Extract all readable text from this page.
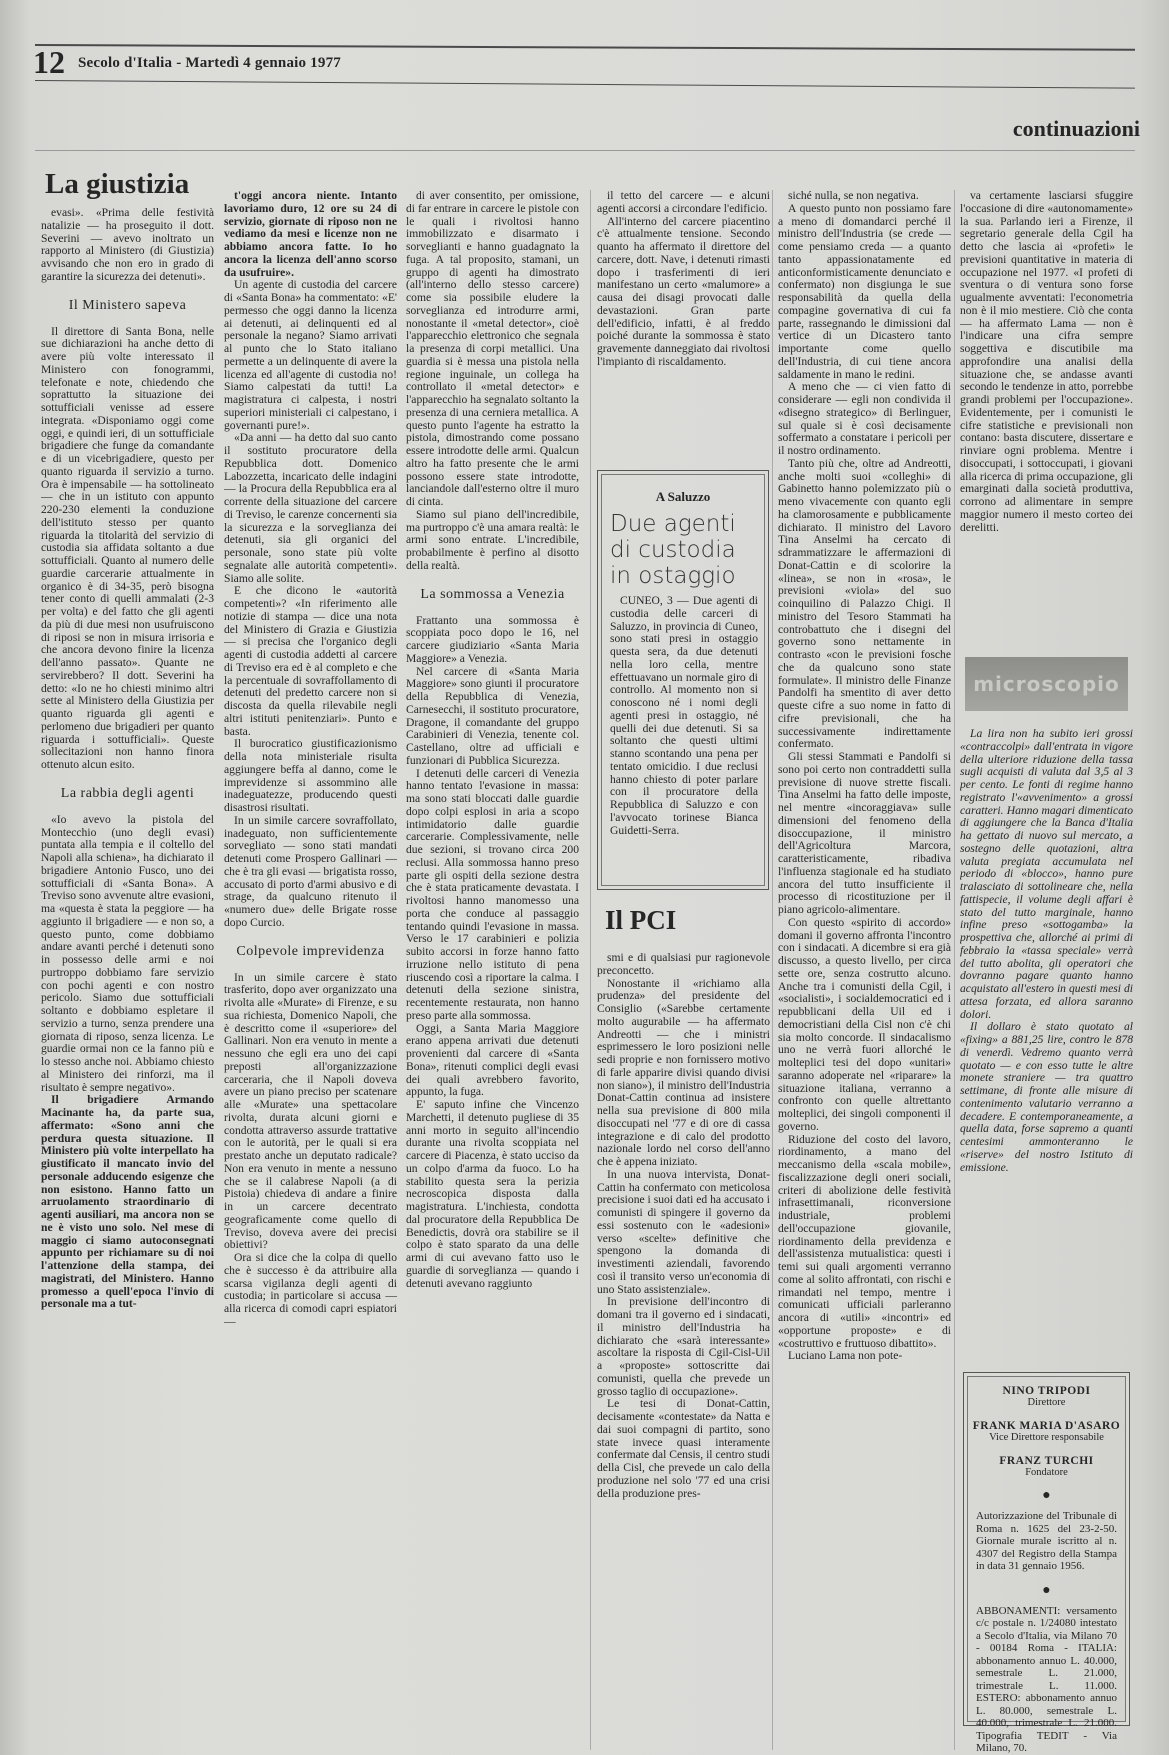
12 Secolo d'Italia - Martedì 4 gennaio 1977
continuazioni
La giustizia

evasi». «Prima delle festività natalizie — ha proseguito il dott. Severini — avevo inoltrato un rapporto al Ministero (di Giustizia) avvisando che non ero in grado di garantire la sicurezza dei detenuti».

Il Ministero sapeva

Il direttore di Santa Bona, nelle sue dichiarazioni ha anche detto di avere più volte interessato il Ministero con fonogrammi, telefonate e note, chiedendo che soprattutto la situazione dei sottufficiali venisse ad essere integrata. «Disponiamo oggi come oggi, e quindi ieri, di un sottufficiale brigadiere che funge da comandante e di un vicebrigadiere, questo per quanto riguarda il servizio a turno. Ora è impensabile — ha sottolineato — che in un istituto con appunto 220-230 elementi la conduzione dell'istituto stesso per quanto riguarda la titolarità del servizio di custodia sia affidata soltanto a due sottufficiali. Quanto al numero delle guardie carcerarie attualmente in organico è di 34-35, però bisogna tener conto di quelli ammalati (2-3 per volta) e del fatto che gli agenti da più di due mesi non usufruiscono di riposi se non in misura irrisoria e che ancora devono finire la licenza dell'anno passato». Quante ne servirebbero? Il dott. Severini ha detto: «Io ne ho chiesti minimo altri sette al Ministero della Giustizia per quanto riguarda gli agenti e perlomeno due brigadieri per quanto riguarda i sottufficiali». Queste sollecitazioni non hanno finora ottenuto alcun esito.

La rabbia degli agenti

«Io avevo la pistola del Montecchio (uno degli evasi) puntata alla tempia e il coltello del Napoli alla schiena», ha dichiarato il brigadiere Antonio Fusco, uno dei sottufficiali di «Santa Bona». A Treviso sono avvenute altre evasioni, ma «questa è stata la peggiore — ha aggiunto il brigadiere — e non so, a questo punto, come dobbiamo andare avanti perché i detenuti sono in possesso delle armi e noi purtroppo dobbiamo fare servizio con pochi agenti e con nostro pericolo. Siamo due sottufficiali soltanto e dobbiamo espletare il servizio a turno, senza prendere una giornata di riposo, senza licenza. Le guardie ormai non ce la fanno più e lo stesso anche noi. Abbiamo chiesto al Ministero dei rinforzi, ma il risultato è sempre negativo».

Il brigadiere Armando Macinante ha, da parte sua, affermato: «Sono anni che perdura questa situazione. Il Ministero più volte interpellato ha giustificato il mancato invio del personale adducendo esigenze che non esistono. Hanno fatto un arruolamento straordinario di agenti ausiliari, ma ancora non se ne è visto uno solo. Nel mese di maggio ci siamo autoconsegnati appunto per richiamare su di noi l'attenzione della stampa, dei magistrati, del Ministero. Hanno promesso a quell'epoca l'invio di personale ma a tut-

t'oggi ancora niente. Intanto lavoriamo duro, 12 ore su 24 di servizio, giornate di riposo non ne vediamo da mesi e licenze non ne abbiamo ancora fatte. Io ho ancora la licenza dell'anno scorso da usufruire».

Un agente di custodia del carcere di «Santa Bona» ha commentato: «E' permesso che oggi danno la licenza ai detenuti, ai delinquenti ed al personale la negano? Siamo arrivati al punto che lo Stato italiano permette a un delinquente di avere la licenza ed all'agente di custodia no! Siamo calpestati da tutti! La magistratura ci calpesta, i nostri superiori ministeriali ci calpestano, i governanti pure!».

«Da anni — ha detto dal suo canto il sostituto procuratore della Repubblica dott. Domenico Labozzetta, incaricato delle indagini — la Procura della Repubblica era al corrente della situazione del carcere di Treviso, le carenze concernenti sia la sicurezza e la sorveglianza dei detenuti, sia gli organici del personale, sono state più volte segnalate alle autorità competenti». Siamo alle solite.

E che dicono le «autorità competenti»? «In riferimento alle notizie di stampa — dice una nota del Ministero di Grazia e Giustizia — si precisa che l'organico degli agenti di custodia addetti al carcere di Treviso era ed è al completo e che la percentuale di sovraffollamento di detenuti del predetto carcere non si discosta da quella rilevabile negli altri istituti penitenziari». Punto e basta.

Il burocratico giustificazionismo della nota ministeriale risulta aggiungere beffa al danno, come le imprevidenze si assommino alle inadeguatezze, producendo questi disastrosi risultati.

In un simile carcere sovraffollato, inadeguato, non sufficientemente sorvegliato — sono stati mandati detenuti come Prospero Gallinari — che è tra gli evasi — brigatista rosso, accusato di porto d'armi abusivo e di strage, da qualcuno ritenuto il «numero due» delle Brigate rosse dopo Curcio.

Colpevole imprevidenza

In un simile carcere è stato trasferito, dopo aver organizzato una rivolta alle «Murate» di Firenze, e su sua richiesta, Domenico Napoli, che è descritto come il «superiore» del Gallinari. Non era venuto in mente a nessuno che egli era uno dei capi preposti all'organizzazione carceraria, che il Napoli doveva avere un piano preciso per scatenare alle «Murate» una spettacolare rivolta, durata alcuni giorni e condotta attraverso assurde trattative con le autorità, per le quali si era prestato anche un deputato radicale? Non era venuto in mente a nessuno che se il calabrese Napoli (a di Pistoia) chiedeva di andare a finire in un carcere decentrato geograficamente come quello di Treviso, doveva avere dei precisi obiettivi?

Ora si dice che la colpa di quello che è successo è da attribuire alla scarsa vigilanza degli agenti di custodia; in particolare si accusa — alla ricerca di comodi capri espiatori —

di aver consentito, per omissione, di far entrare in carcere le pistole con le quali i rivoltosi hanno immobilizzato e disarmato i sorveglianti e hanno guadagnato la fuga. A tal proposito, stamani, un gruppo di agenti ha dimostrato (all'interno dello stesso carcere) come sia possibile eludere la sorveglianza ed introdurre armi, nonostante il «metal detector», cioè l'apparecchio elettronico che segnala la presenza di corpi metallici. Una guardia si è messa una pistola nella regione inguinale, un collega ha controllato il «metal detector» e l'apparecchio ha segnalato soltanto la presenza di una cerniera metallica. A questo punto l'agente ha estratto la pistola, dimostrando come possano essere introdotte delle armi. Qualcun altro ha fatto presente che le armi possono essere state introdotte, lanciandole dall'esterno oltre il muro di cinta.

Siamo sul piano dell'incredibile, ma purtroppo c'è una amara realtà: le armi sono entrate. L'incredibile, probabilmente è perfino al disotto della realtà.

La sommossa a Venezia

Frattanto una sommossa è scoppiata poco dopo le 16, nel carcere giudiziario «Santa Maria Maggiore» a Venezia.

Nel carcere di «Santa Maria Maggiore» sono giunti il procuratore della Repubblica di Venezia, Carnesecchi, il sostituto procuratore, Dragone, il comandante del gruppo Carabinieri di Venezia, tenente col. Castellano, oltre ad ufficiali e funzionari di Pubblica Sicurezza.

I detenuti delle carceri di Venezia hanno tentato l'evasione in massa: ma sono stati bloccati dalle guardie dopo colpi esplosi in aria a scopo intimidatorio dalle guardie carcerarie. Complessivamente, nelle due sezioni, si trovano circa 200 reclusi. Alla sommossa hanno preso parte gli ospiti della sezione destra che è stata praticamente devastata. I rivoltosi hanno manomesso una porta che conduce al passaggio tentando quindi l'evasione in massa. Verso le 17 carabinieri e polizia subito accorsi in forze hanno fatto irruzione nello istituto di pena riuscendo così a riportare la calma. I detenuti della sezione sinistra, recentemente restaurata, non hanno preso parte alla sommossa.

Oggi, a Santa Maria Maggiore erano appena arrivati due detenuti provenienti dal carcere di «Santa Bona», ritenuti complici degli evasi dei quali avrebbero favorito, appunto, la fuga.

E' saputo infine che Vincenzo Marchetti, il detenuto pugliese di 35 anni morto in seguito all'incendio durante una rivolta scoppiata nel carcere di Piacenza, è stato ucciso da un colpo d'arma da fuoco. Lo ha stabilito questa sera la perizia necroscopica disposta dalla magistratura. L'inchiesta, condotta dal procuratore della Repubblica De Benedictis, dovrà ora stabilire se il colpo è stato sparato da una delle armi di cui avevano fatto uso le guardie di sorveglianza — quando i detenuti avevano raggiunto

il tetto del carcere — e alcuni agenti accorsi a circondare l'edificio.

All'interno del carcere piacentino c'è attualmente tensione. Secondo quanto ha affermato il direttore del carcere, dott. Nave, i detenuti rimasti dopo i trasferimenti di ieri manifestano un certo «malumore» a causa dei disagi provocati dalle devastazioni. Gran parte dell'edificio, infatti, è al freddo poiché durante la sommossa è stato gravemente danneggiato dai rivoltosi l'impianto di riscaldamento.

A Saluzzo
Due agenti di custodia in ostaggio

CUNEO, 3 — Due agenti di custodia delle carceri di Saluzzo, in provincia di Cuneo, sono stati presi in ostaggio questa sera, da due detenuti nella loro cella, mentre effettuavano un normale giro di controllo. Al momento non si conoscono né i nomi degli agenti presi in ostaggio, né quelli dei due detenuti. Si sa soltanto che questi ultimi stanno scontando una pena per tentato omicidio. I due reclusi hanno chiesto di poter parlare con il procuratore della Repubblica di Saluzzo e con l'avvocato torinese Bianca Guidetti-Serra.

Il PCI

smi e di qualsiasi pur ragionevole preconcetto.

Nonostante il «richiamo alla prudenza» del presidente del Consiglio («Sarebbe certamente molto augurabile — ha affermato Andreotti — che i ministri esprimessero le loro posizioni nelle sedi proprie e non fornissero motivo di farle apparire divisi quando divisi non siano»), il ministro dell'Industria Donat-Cattin continua ad insistere nella sua previsione di 800 mila disoccupati nel '77 e di ore di cassa integrazione e di calo del prodotto nazionale lordo nel corso dell'anno che è appena iniziato.

In una nuova intervista, Donat-Cattin ha confermato con meticolosa precisione i suoi dati ed ha accusato i comunisti di spingere il governo da essi sostenuto con le «adesioni» verso «scelte» definitive che spengono la domanda di investimenti aziendali, favorendo così il transito verso un'economia di uno Stato assistenziale».

In previsione dell'incontro di domani tra il governo ed i sindacati, il ministro dell'Industria ha dichiarato che «sarà interessante» ascoltare la risposta di Cgil-Cisl-Uil a «proposte» sottoscritte dai comunisti, quella che prevede un grosso taglio di occupazione».

Le tesi di Donat-Cattin, decisamente «contestate» da Natta e dai suoi compagni di partito, sono state invece quasi interamente confermate dal Censis, il centro studi della Cisl, che prevede un calo della produzione nel solo '77 ed una crisi della produzione pres-

siché nulla, se non negativa.

A questo punto non possiamo fare a meno di domandarci perché il ministro dell'Industria (se crede — come pensiamo creda — a quanto tanto appassionatamente ed anticonformisticamente denunciato e confermato) non disgiunga le sue responsabilità da quella della compagine governativa di cui fa parte, rassegnando le dimissioni dal vertice di un Dicastero tanto importante come quello dell'Industria, di cui tiene ancora saldamente in mano le redini.

A meno che — ci vien fatto di considerare — egli non condivida il «disegno strategico» di Berlinguer, sul quale si è così decisamente soffermato a constatare i pericoli per il nostro ordinamento.

Tanto più che, oltre ad Andreotti, anche molti suoi «colleghi» di Gabinetto hanno polemizzato più o meno vivacemente con quanto egli ha clamorosamente e pubblicamente dichiarato. Il ministro del Lavoro Tina Anselmi ha cercato di sdrammatizzare le affermazioni di Donat-Cattin e di scolorire la «linea», se non in «rosa», le previsioni «viola» del suo coinquilino di Palazzo Chigi. Il ministro del Tesoro Stammati ha controbattuto che i disegni del governo sono nettamente in contrasto «con le previsioni fosche che da qualcuno sono state formulate». Il ministro delle Finanze Pandolfi ha smentito di aver detto queste cifre a suo nome in fatto di cifre previsionali, che ha successivamente indirettamente confermato.

Gli stessi Stammati e Pandolfi si sono poi certo non contraddetti sulla previsione di nuove strette fiscali. Tina Anselmi ha fatto delle imposte, nel mentre «incoraggiava» sulle dimensioni del fenomeno della disoccupazione, il ministro dell'Agricoltura Marcora, caratteristicamente, ribadiva l'influenza stagionale ed ha studiato ancora del tutto insufficiente il processo di ricostituzione per il piano agricolo-alimentare.

Con questo «spirito di accordo» domani il governo affronta l'incontro con i sindacati. A dicembre si era già discusso, a questo livello, per circa sette ore, senza costrutto alcuno. Anche tra i comunisti della Cgil, i «socialisti», i socialdemocratici ed i repubblicani della Uil ed i democristiani della Cisl non c'è chi sia molto concorde. Il sindacalismo uno ne verrà fuori allorché le molteplici tesi del dopo «unitari» saranno adoperate nel «riparare» la situazione italiana, verranno a confronto con quelle altrettanto molteplici, dei singoli componenti il governo.

Riduzione del costo del lavoro, riordinamento, a mano del meccanismo della «scala mobile», fiscalizzazione degli oneri sociali, criteri di abolizione delle festività infrasettimanali, riconversione industriale, problemi dell'occupazione giovanile, riordinamento della previdenza e dell'assistenza mutualistica: questi i temi sui quali argomenti verranno come al solito affrontati, con rischi e rimandati nel tempo, mentre i comunicati ufficiali parleranno ancora di «utili» «incontri» ed «opportune proposte» e di «costruttivo e fruttuoso dibattito».

Luciano Lama non pote-

va certamente lasciarsi sfuggire l'occasione di dire «autonomamente» la sua. Parlando ieri a Firenze, il segretario generale della Cgil ha detto che lascia ai «profeti» le previsioni quantitative in materia di occupazione nel 1977. «I profeti di sventura o di ventura sono forse ugualmente avventati: l'econometria non è il mio mestiere. Ciò che conta — ha affermato Lama — non è l'indicare una cifra sempre soggettiva e discutibile ma approfondire una analisi della situazione che, se andasse avanti secondo le tendenze in atto, porrebbe grandi problemi per l'occupazione». Evidentemente, per i comunisti le cifre statistiche e previsionali non contano: basta discutere, dissertare e rinviare ogni problema. Mentre i disoccupati, i sottoccupati, i giovani alla ricerca di prima occupazione, gli emarginati dalla società produttiva, corrono ad alimentare in sempre maggior numero il mesto corteo dei derelitti.

microscopio

La lira non ha subito ieri grossi «contraccolpi» dall'entrata in vigore della ulteriore riduzione della tassa sugli acquisti di valuta dal 3,5 al 3 per cento. Le fonti di regime hanno registrato l'«avvenimento» a grossi caratteri. Hanno magari dimenticato di aggiungere che la Banca d'Italia ha gettato di nuovo sul mercato, a sostegno delle quotazioni, altra valuta pregiata accumulata nel periodo di «blocco», hanno pure tralasciato di sottolineare che, nella fattispecie, il volume degli affari è stato del tutto marginale, hanno infine preso «sottogamba» la prospettiva che, allorché ai primi di febbraio la «tassa speciale» verrà del tutto abolita, gli operatori che dovranno pagare quanto hanno acquistato all'estero in questi mesi di attesa forzata, ed allora saranno dolori.

Il dollaro è stato quotato al «fixing» a 881,25 lire, contro le 878 di venerdì. Vedremo quanto verrà quotato — e con esso tutte le altre monete straniere — tra quattro settimane, di fronte alle misure di contenimento valutario verranno a decadere. E contemporaneamente, a quella data, forse sapremo a quanti centesimi ammonteranno le «riserve» del nostro Istituto di emissione.

NINO TRIPODI
Direttore
FRANK MARIA D'ASARO
Vice Direttore responsabile
FRANZ TURCHI
Fondatore
●
Autorizzazione del Tribunale di Roma n. 1625 del 23-2-50. Giornale murale iscritto al n. 4307 del Registro della Stampa in data 31 gennaio 1956.
●
ABBONAMENTI: versamento c/c postale n. 1/24080 intestato a Secolo d'Italia, via Milano 70 - 00184 Roma - ITALIA: abbonamento annuo L. 40.000, semestrale L. 21.000, trimestrale L. 11.000. ESTERO: abbonamento annuo L. 80.000, semestrale L. 40.000, trimestrale L. 21.000. Tipografia TEDIT - Via Milano, 70.
